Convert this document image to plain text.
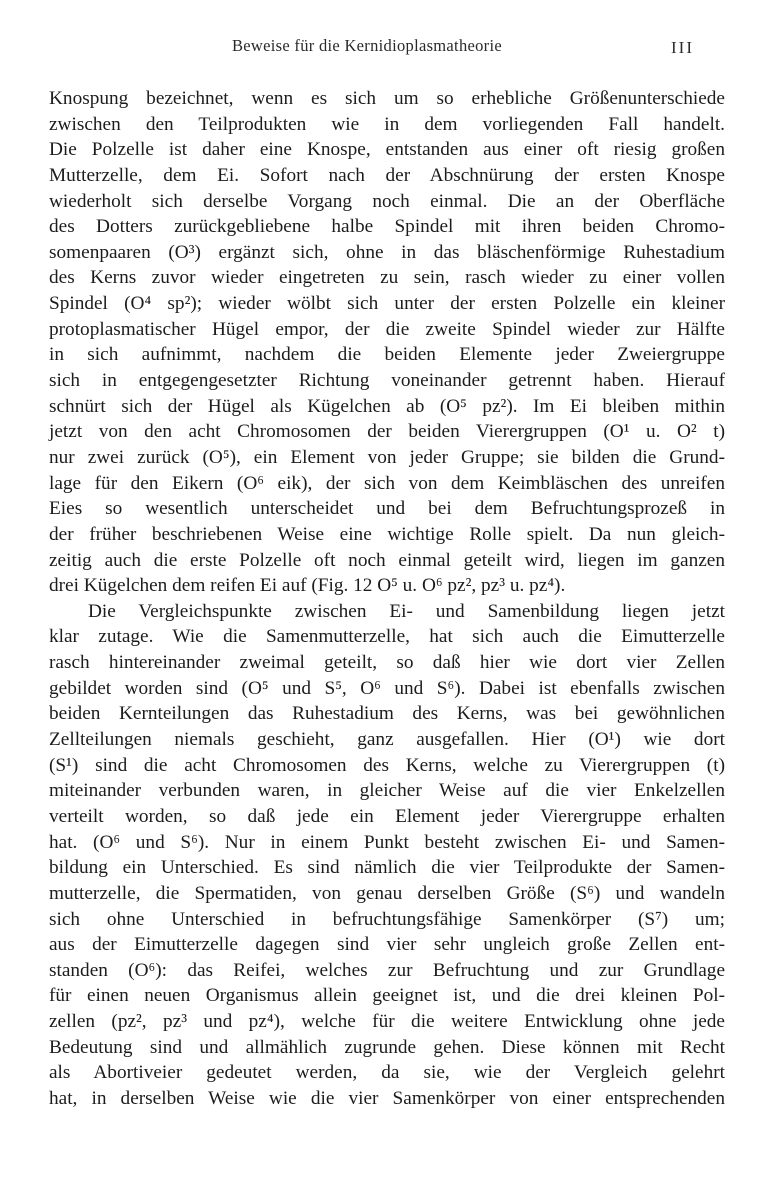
Beweise für die Kernidioplasmatheorie	III
Knospung bezeichnet, wenn es sich um so erhebliche Größenunterschiede
zwischen den Teilprodukten wie in dem vorliegenden Fall handelt.
Die Polzelle ist daher eine Knospe, entstanden aus einer oft riesig großen
Mutterzelle, dem Ei. Sofort nach der Abschnürung der ersten Knospe
wiederholt sich derselbe Vorgang noch einmal. Die an der Oberfläche
des Dotters zurückgebliebene halbe Spindel mit ihren beiden Chromo-
somenpaaren (O³) ergänzt sich, ohne in das bläschenförmige Ruhestadium
des Kerns zuvor wieder eingetreten zu sein, rasch wieder zu einer vollen
Spindel (O⁴ sp²); wieder wölbt sich unter der ersten Polzelle ein kleiner
protoplasmatischer Hügel empor, der die zweite Spindel wieder zur Hälfte
in sich aufnimmt, nachdem die beiden Elemente jeder Zweiergruppe
sich in entgegengesetzter Richtung voneinander getrennt haben. Hierauf
schnürt sich der Hügel als Kügelchen ab (O⁵ pz²). Im Ei bleiben mithin
jetzt von den acht Chromosomen der beiden Vierergruppen (O¹ u. O² t)
nur zwei zurück (O⁵), ein Element von jeder Gruppe; sie bilden die Grund-
lage für den Eikern (O⁶ eik), der sich von dem Keimbläschen des unreifen
Eies so wesentlich unterscheidet und bei dem Befruchtungsprozeß in
der früher beschriebenen Weise eine wichtige Rolle spielt. Da nun gleich-
zeitig auch die erste Polzelle oft noch einmal geteilt wird, liegen im ganzen
drei Kügelchen dem reifen Ei auf (Fig. 12 O⁵ u. O⁶ pz², pz³ u. pz⁴).
Die Vergleichspunkte zwischen Ei- und Samenbildung liegen jetzt
klar zutage. Wie die Samenmutterzelle, hat sich auch die Eimutterzelle
rasch hintereinander zweimal geteilt, so daß hier wie dort vier Zellen
gebildet worden sind (O⁵ und S⁵, O⁶ und S⁶). Dabei ist ebenfalls zwischen
beiden Kernteilungen das Ruhestadium des Kerns, was bei gewöhnlichen
Zellteilungen niemals geschieht, ganz ausgefallen. Hier (O¹) wie dort
(S¹) sind die acht Chromosomen des Kerns, welche zu Vierergruppen (t)
miteinander verbunden waren, in gleicher Weise auf die vier Enkelzellen
verteilt worden, so daß jede ein Element jeder Vierergruppe erhalten
hat. (O⁶ und S⁶). Nur in einem Punkt besteht zwischen Ei- und Samen-
bildung ein Unterschied. Es sind nämlich die vier Teilprodukte der Samen-
mutterzelle, die Spermatiden, von genau derselben Größe (S⁶) und wandeln
sich ohne Unterschied in befruchtungsfähige Samenkörper (S⁷) um;
aus der Eimutterzelle dagegen sind vier sehr ungleich große Zellen ent-
standen (O⁶): das Reifei, welches zur Befruchtung und zur Grundlage
für einen neuen Organismus allein geeignet ist, und die drei kleinen Pol-
zellen (pz², pz³ und pz⁴), welche für die weitere Entwicklung ohne jede
Bedeutung sind und allmählich zugrunde gehen. Diese können mit Recht
als Abortiveier gedeutet werden, da sie, wie der Vergleich gelehrt
hat, in derselben Weise wie die vier Samenkörper von einer entsprechenden
